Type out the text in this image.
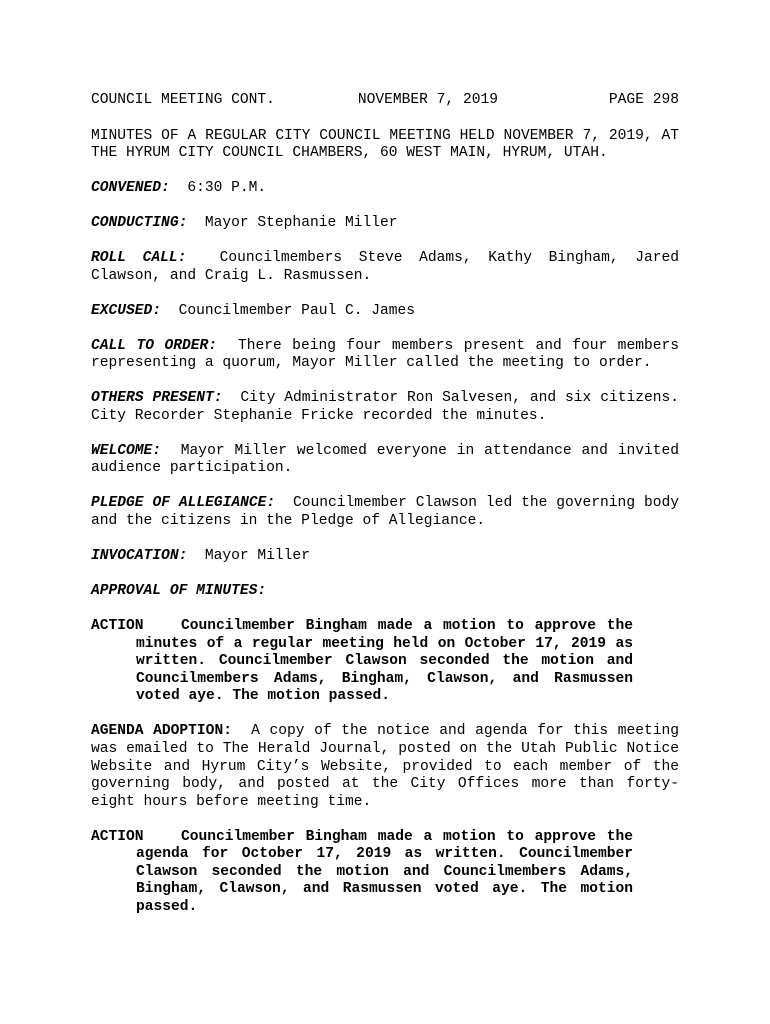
COUNCIL MEETING CONT.	NOVEMBER 7, 2019	PAGE 298

MINUTES OF A REGULAR CITY COUNCIL MEETING HELD NOVEMBER 7, 2019, AT THE HYRUM CITY COUNCIL CHAMBERS, 60 WEST MAIN, HYRUM, UTAH.

CONVENED: 6:30 P.M.

CONDUCTING: Mayor Stephanie Miller

ROLL CALL: Councilmembers Steve Adams, Kathy Bingham, Jared Clawson, and Craig L. Rasmussen.

EXCUSED: Councilmember Paul C. James

CALL TO ORDER: There being four members present and four members representing a quorum, Mayor Miller called the meeting to order.

OTHERS PRESENT: City Administrator Ron Salvesen, and six citizens. City Recorder Stephanie Fricke recorded the minutes.

WELCOME: Mayor Miller welcomed everyone in attendance and invited audience participation.

PLEDGE OF ALLEGIANCE: Councilmember Clawson led the governing body and the citizens in the Pledge of Allegiance.

INVOCATION: Mayor Miller

APPROVAL OF MINUTES:

ACTION	Councilmember Bingham made a motion to approve the minutes of a regular meeting held on October 17, 2019 as written. Councilmember Clawson seconded the motion and Councilmembers Adams, Bingham, Clawson, and Rasmussen voted aye. The motion passed.

AGENDA ADOPTION: A copy of the notice and agenda for this meeting was emailed to The Herald Journal, posted on the Utah Public Notice Website and Hyrum City’s Website, provided to each member of the governing body, and posted at the City Offices more than forty-eight hours before meeting time.

ACTION	Councilmember Bingham made a motion to approve the agenda for October 17, 2019 as written. Councilmember Clawson seconded the motion and Councilmembers Adams, Bingham, Clawson, and Rasmussen voted aye. The motion passed.
